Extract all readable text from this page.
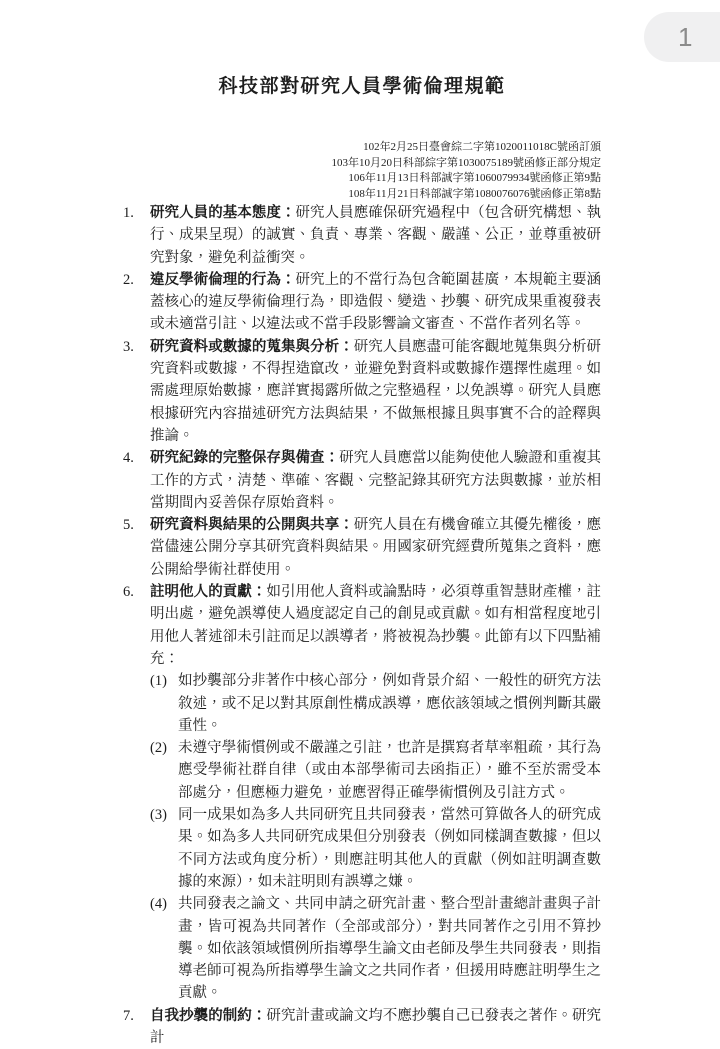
1
科技部對研究人員學術倫理規範
102年2月25日臺會綜二字第1020011018C號函訂頒
103年10月20日科部綜字第1030075189號函修正部分規定
106年11月13日科部誠字第1060079934號函修正第9點
108年11月21日科部誠字第1080076076號函修正第8點
1.	研究人員的基本態度：研究人員應確保研究過程中（包含研究構想、執行、成果呈現）的誠實、負責、專業、客觀、嚴謹、公正，並尊重被研究對象，避免利益衝突。

2.	違反學術倫理的行為：研究上的不當行為包含範圍甚廣，本規範主要涵蓋核心的違反學術倫理行為，即造假、變造、抄襲、研究成果重複發表或未適當引註、以違法或不當手段影響論文審查、不當作者列名等。

3.	研究資料或數據的蒐集與分析：研究人員應盡可能客觀地蒐集與分析研究資料或數據，不得捏造竄改，並避免對資料或數據作選擇性處理。如需處理原始數據，應詳實揭露所做之完整過程，以免誤導。研究人員應根據研究內容描述研究方法與結果，不做無根據且與事實不合的詮釋與推論。

4.	研究紀錄的完整保存與備查：研究人員應當以能夠使他人驗證和重複其工作的方式，清楚、準確、客觀、完整記錄其研究方法與數據，並於相當期間內妥善保存原始資料。

5.	研究資料與結果的公開與共享：研究人員在有機會確立其優先權後，應當儘速公開分享其研究資料與結果。用國家研究經費所蒐集之資料，應公開給學術社群使用。

6.	註明他人的貢獻：如引用他人資料或論點時，必須尊重智慧財產權，註明出處，避免誤導使人過度認定自己的創見或貢獻。如有相當程度地引用他人著述卻未引註而足以誤導者，將被視為抄襲。此節有以下四點補充：

(1) 如抄襲部分非著作中核心部分，例如背景介紹、一般性的研究方法敘述，或不足以對其原創性構成誤導，應依該領域之慣例判斷其嚴重性。

(2) 未遵守學術慣例或不嚴謹之引註，也許是撰寫者草率粗疏，其行為應受學術社群自律（或由本部學術司去函指正），雖不至於需受本部處分，但應極力避免，並應習得正確學術慣例及引註方式。

(3) 同一成果如為多人共同研究且共同發表，當然可算做各人的研究成果。如為多人共同研究成果但分別發表（例如同樣調查數據，但以不同方法或角度分析），則應註明其他人的貢獻（例如註明調查數據的來源），如未註明則有誤導之嫌。

(4) 共同發表之論文、共同申請之研究計畫、整合型計畫總計畫與子計畫，皆可視為共同著作（全部或部分），對共同著作之引用不算抄襲。如依該領域慣例所指導學生論文由老師及學生共同發表，則指導老師可視為所指導學生論文之共同作者，但援用時應註明學生之貢獻。

7.	自我抄襲的制約：研究計畫或論文均不應抄襲自己已發表之著作。研究計
